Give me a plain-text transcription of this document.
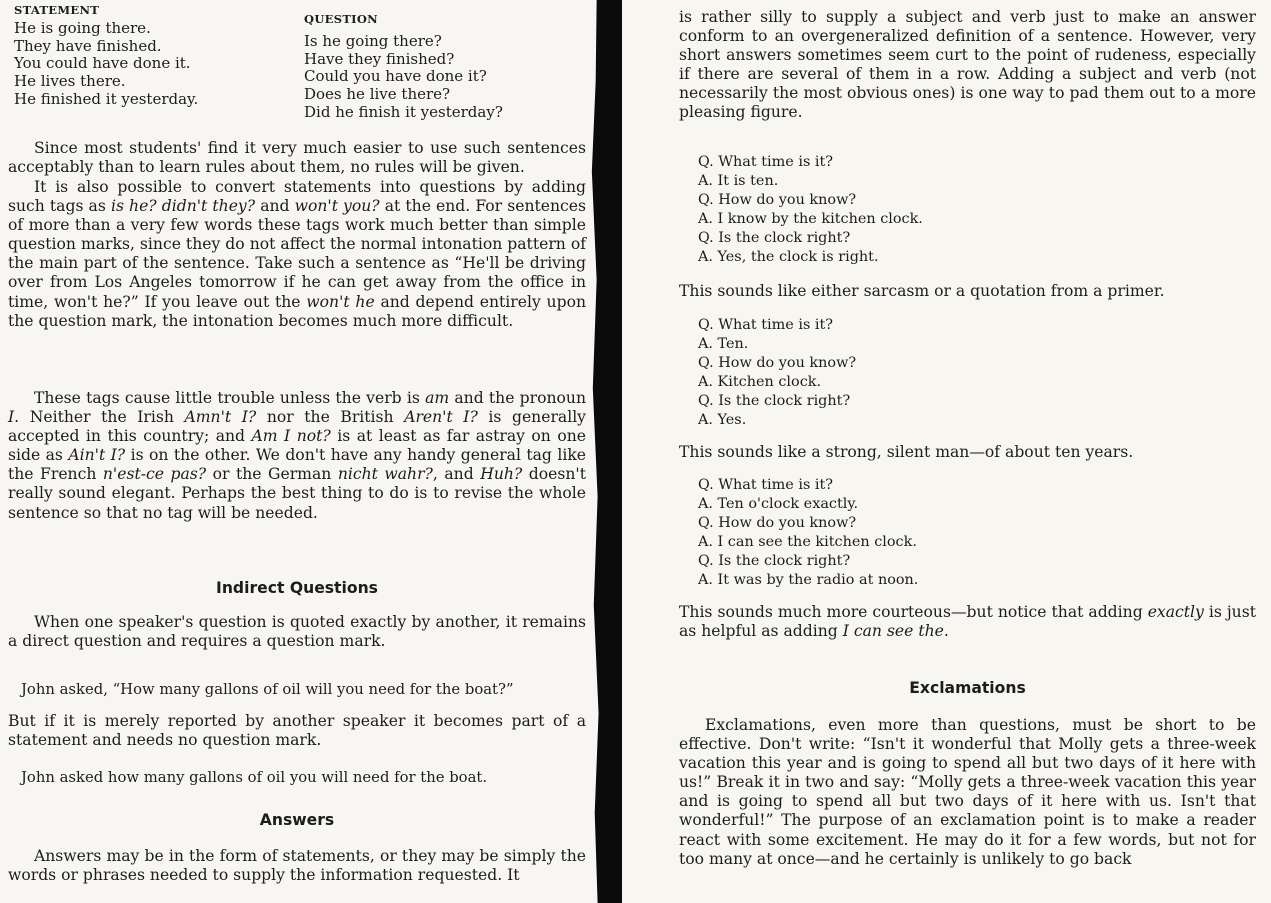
STATEMENT
He is going there.
They have finished.
You could have done it.
He lives there.
He finished it yesterday.
QUESTION
Is he going there?
Have they finished?
Could you have done it?
Does he live there?
Did he finish it yesterday?

Since most students' find it very much easier to use such sentences acceptably than to learn rules about them, no rules will be given.

It is also possible to convert statements into questions by adding such tags as is he? didn't they? and won't you? at the end. For sentences of more than a very few words these tags work much better than simple question marks, since they do not affect the normal intonation pattern of the main part of the sentence. Take such a sentence as “He'll be driving over from Los Angeles tomorrow if he can get away from the office in time, won't he?” If you leave out the won't he and depend entirely upon the question mark, the intonation becomes much more difficult.

These tags cause little trouble unless the verb is am and the pronoun I. Neither the Irish Amn't I? nor the British Aren't I? is generally accepted in this country; and Am I not? is at least as far astray on one side as Ain't I? is on the other. We don't have any handy general tag like the French n'est-ce pas? or the German nicht wahr?, and Huh? doesn't really sound elegant. Perhaps the best thing to do is to revise the whole sentence so that no tag will be needed.

Indirect Questions

When one speaker's question is quoted exactly by another, it remains a direct question and requires a question mark.

John asked, “How many gallons of oil will you need for the boat?”

But if it is merely reported by another speaker it becomes part of a statement and needs no question mark.

John asked how many gallons of oil you will need for the boat.

Answers

Answers may be in the form of statements, or they may be simply the words or phrases needed to supply the information requested. It

is rather silly to supply a subject and verb just to make an answer conform to an overgeneralized definition of a sentence. However, very short answers sometimes seem curt to the point of rudeness, especially if there are several of them in a row. Adding a subject and verb (not necessarily the most obvious ones) is one way to pad them out to a more pleasing figure.

Q. What time is it?
A. It is ten.
Q. How do you know?
A. I know by the kitchen clock.
Q. Is the clock right?
A. Yes, the clock is right.

This sounds like either sarcasm or a quotation from a primer.

Q. What time is it?
A. Ten.
Q. How do you know?
A. Kitchen clock.
Q. Is the clock right?
A. Yes.

This sounds like a strong, silent man—of about ten years.

Q. What time is it?
A. Ten o'clock exactly.
Q. How do you know?
A. I can see the kitchen clock.
Q. Is the clock right?
A. It was by the radio at noon.

This sounds much more courteous—but notice that adding exactly is just as helpful as adding I can see the.

Exclamations

Exclamations, even more than questions, must be short to be effective. Don't write: “Isn't it wonderful that Molly gets a three-week vacation this year and is going to spend all but two days of it here with us!” Break it in two and say: “Molly gets a three-week vacation this year and is going to spend all but two days of it here with us. Isn't that wonderful!” The purpose of an exclamation point is to make a reader react with some excitement. He may do it for a few words, but not for too many at once—and he certainly is unlikely to go back
